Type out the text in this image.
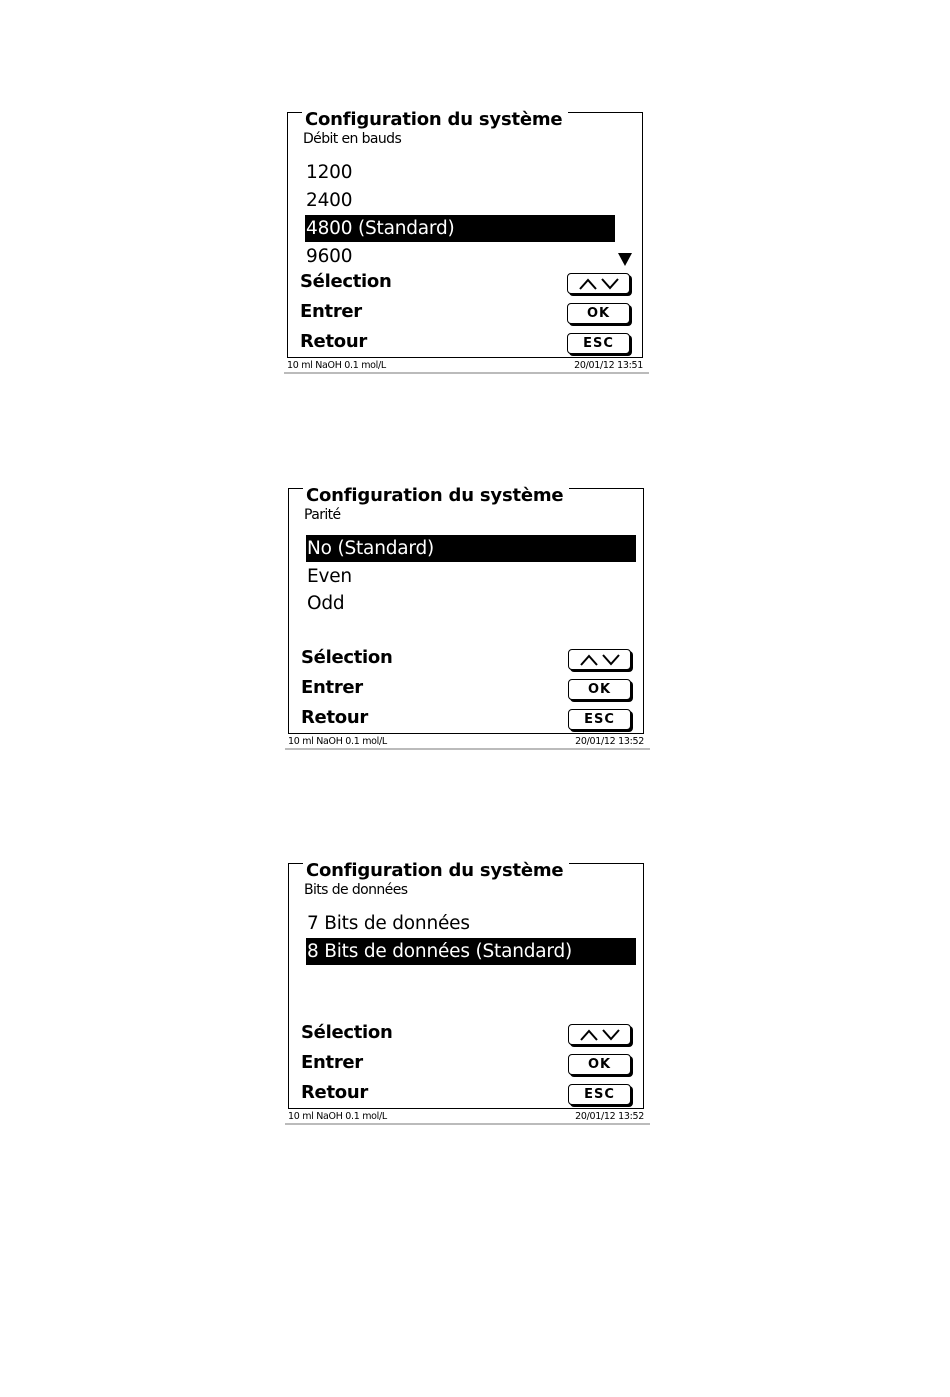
Configuration du système
Débit en bauds
1200
2400
4800 (Standard)
9600
Sélection
Entrer	OK
Retour	ESC
10 ml NaOH 0.1 mol/L	20/01/12 13:51
Configuration du système
Parité
No (Standard)
Even
Odd
Sélection
Entrer	OK
Retour	ESC
10 ml NaOH 0.1 mol/L	20/01/12 13:52
Configuration du système
Bits de données
7 Bits de données
8 Bits de données (Standard)
Sélection
Entrer	OK
Retour	ESC
10 ml NaOH 0.1 mol/L	20/01/12 13:52
